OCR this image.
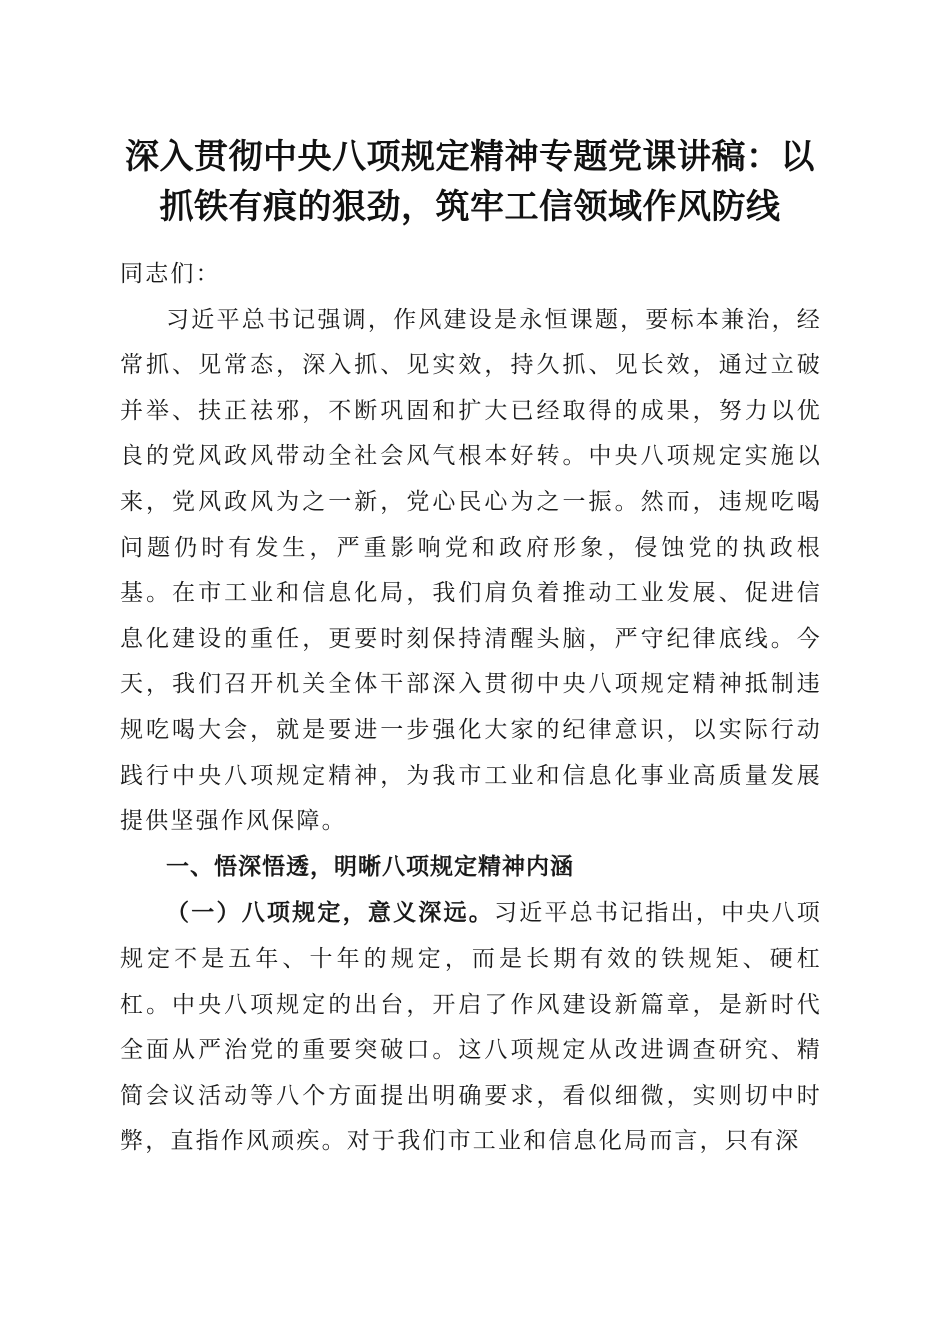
深入贯彻中央八项规定精神专题党课讲稿：以抓铁有痕的狠劲，筑牢工信领域作风防线

同志们：

习近平总书记强调，作风建设是永恒课题，要标本兼治，经常抓、见常态，深入抓、见实效，持久抓、见长效，通过立破并举、扶正祛邪，不断巩固和扩大已经取得的成果，努力以优良的党风政风带动全社会风气根本好转。中央八项规定实施以来，党风政风为之一新，党心民心为之一振。然而，违规吃喝问题仍时有发生，严重影响党和政府形象，侵蚀党的执政根基。在市工业和信息化局，我们肩负着推动工业发展、促进信息化建设的重任，更要时刻保持清醒头脑，严守纪律底线。今天，我们召开机关全体干部深入贯彻中央八项规定精神抵制违规吃喝大会，就是要进一步强化大家的纪律意识，以实际行动践行中央八项规定精神，为我市工业和信息化事业高质量发展提供坚强作风保障。

一、悟深悟透，明晰八项规定精神内涵

（一）八项规定，意义深远。习近平总书记指出，中央八项规定不是五年、十年的规定，而是长期有效的铁规矩、硬杠杠。中央八项规定的出台，开启了作风建设新篇章，是新时代全面从严治党的重要突破口。这八项规定从改进调查研究、精简会议活动等八个方面提出明确要求，看似细微，实则切中时弊，直指作风顽疾。对于我们市工业和信息化局而言，只有深
